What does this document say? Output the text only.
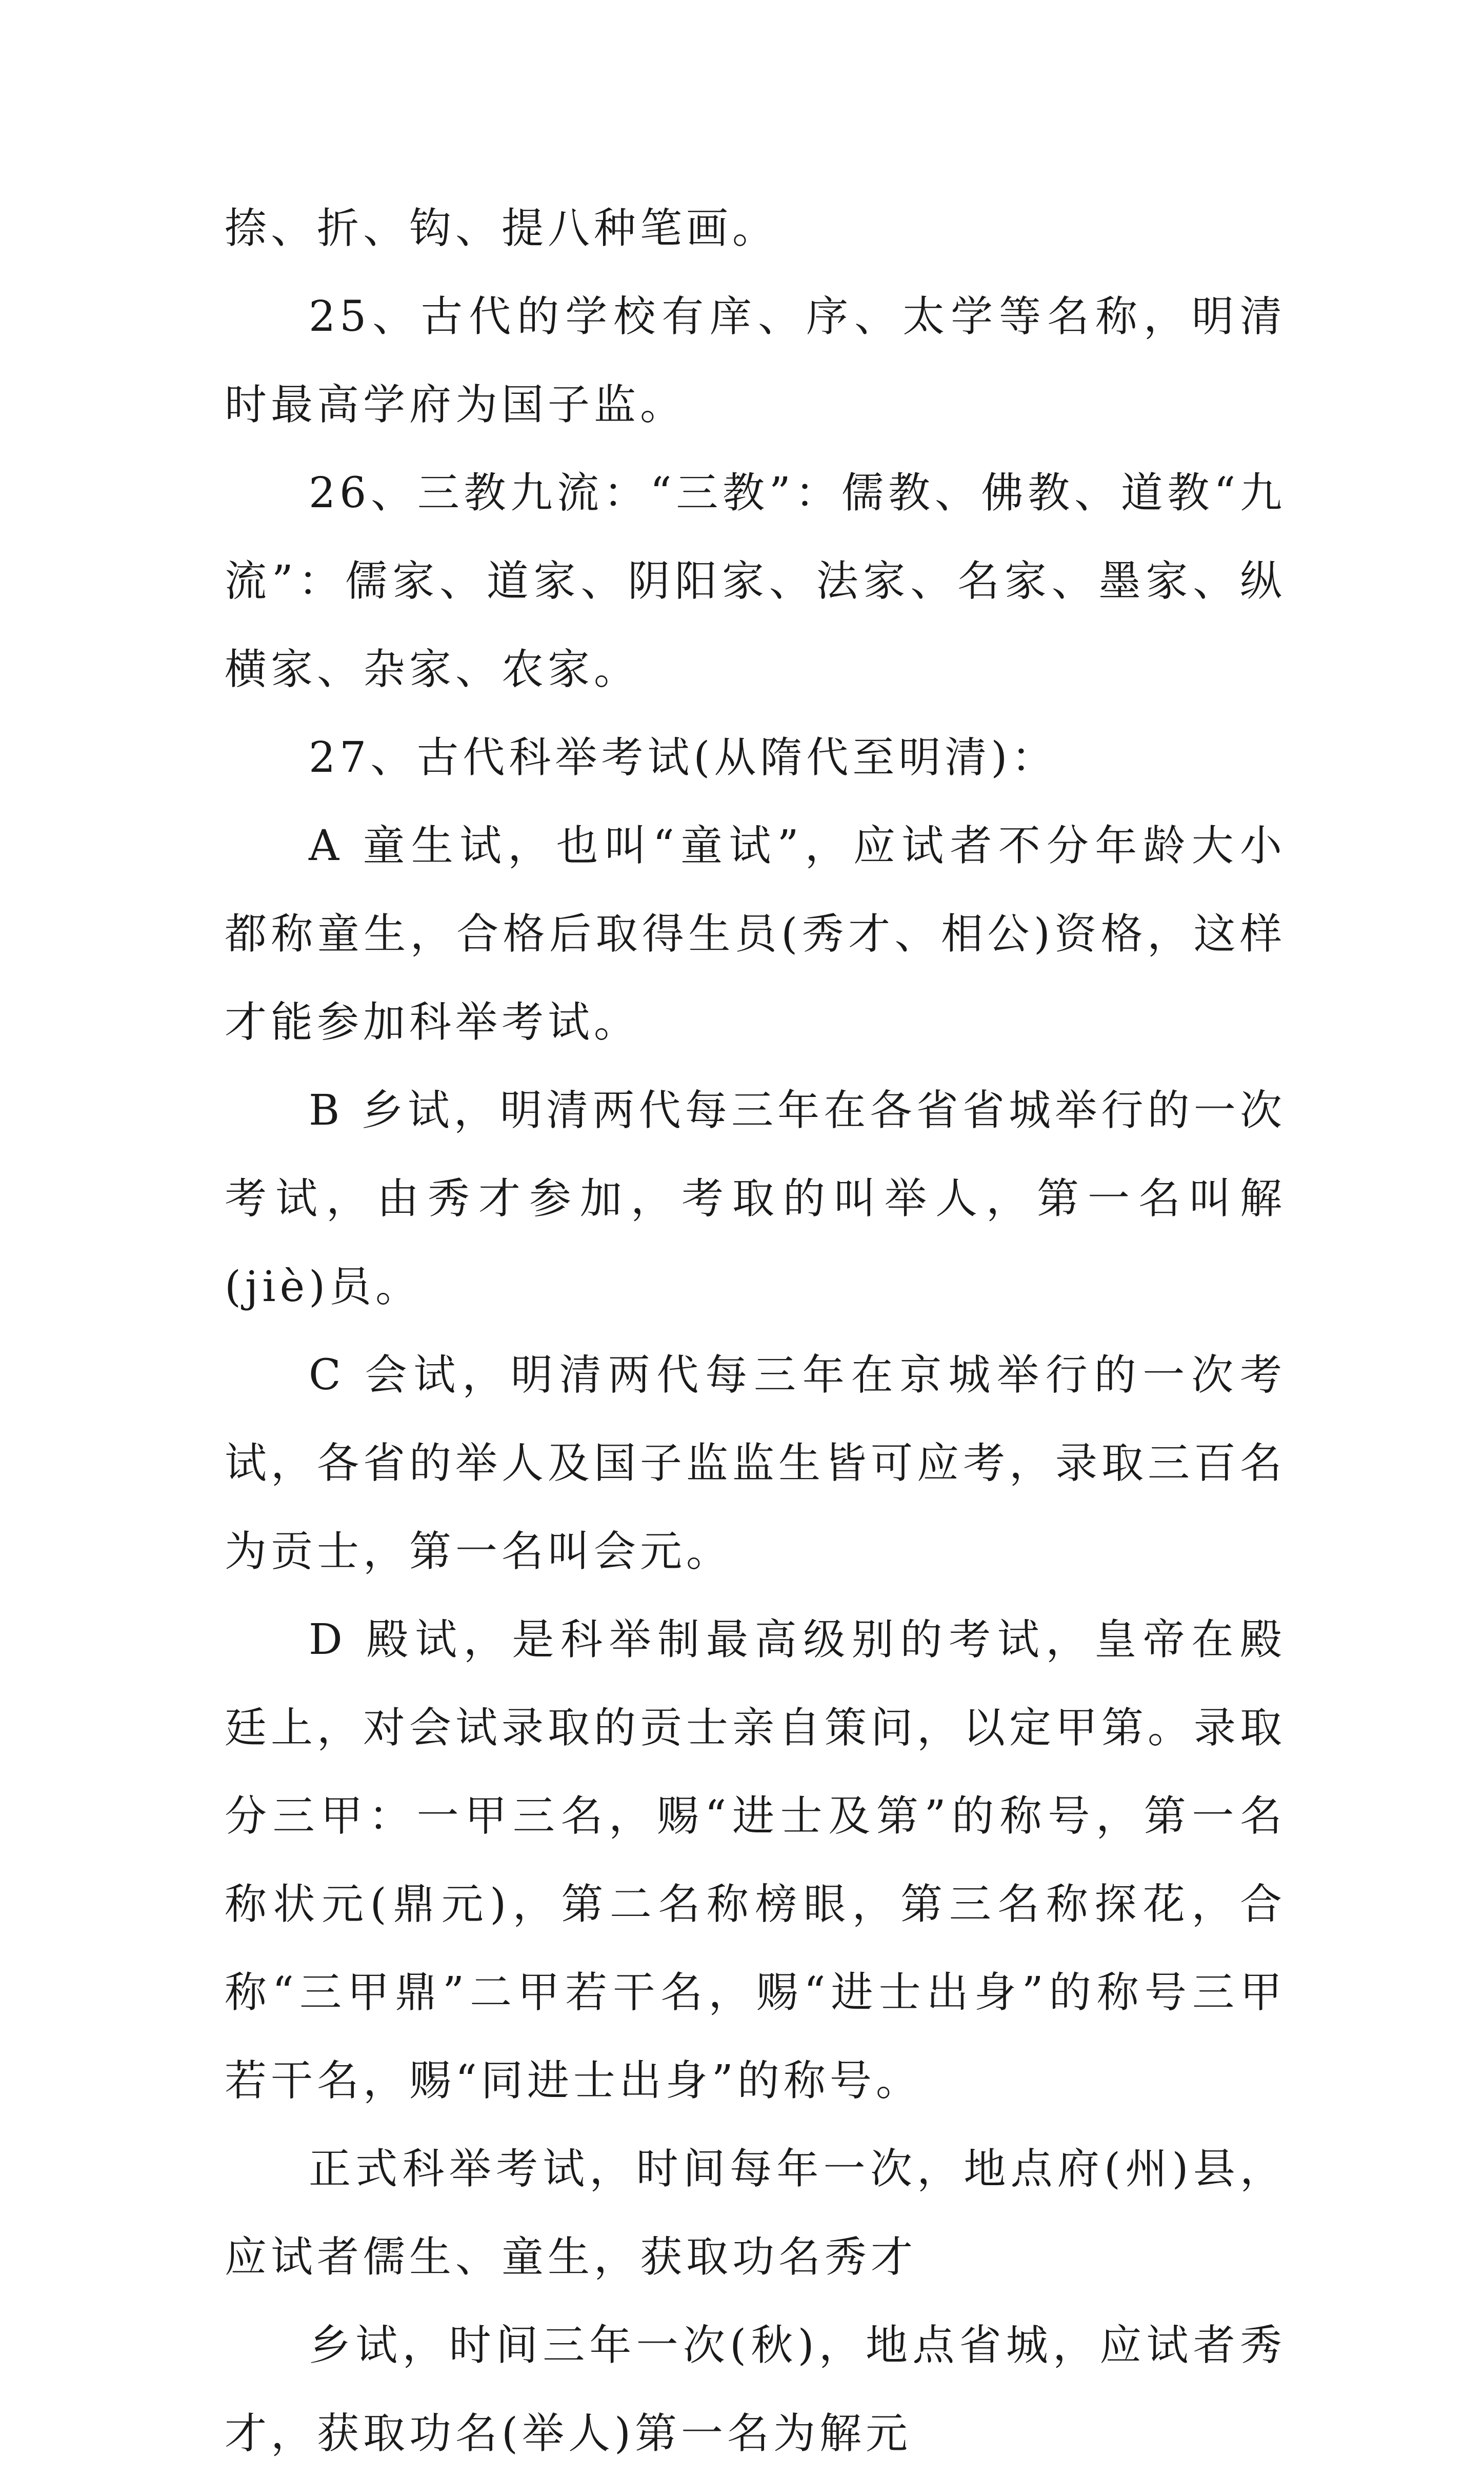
捺、折、钩、提八种笔画。

25、古代的学校有庠、序、太学等名称，明清时最高学府为国子监。

26、三教九流：“三教”：儒教、佛教、道教“九流”：儒家、道家、阴阳家、法家、名家、墨家、纵横家、杂家、农家。

27、古代科举考试(从隋代至明清)：

A 童生试，也叫“童试”，应试者不分年龄大小都称童生，合格后取得生员(秀才、相公)资格，这样才能参加科举考试。

B 乡试，明清两代每三年在各省省城举行的一次考试，由秀才参加，考取的叫举人，第一名叫解(jiè)员。

C 会试，明清两代每三年在京城举行的一次考试，各省的举人及国子监监生皆可应考，录取三百名为贡士，第一名叫会元。

D 殿试，是科举制最高级别的考试，皇帝在殿廷上，对会试录取的贡士亲自策问，以定甲第。录取分三甲：一甲三名，赐“进士及第”的称号，第一名称状元(鼎元)，第二名称榜眼，第三名称探花，合称“三甲鼎”二甲若干名，赐“进士出身”的称号三甲若干名，赐“同进士出身”的称号。

正式科举考试，时间每年一次，地点府(州)县，应试者儒生、童生，获取功名秀才

乡试，时间三年一次(秋)，地点省城，应试者秀才，获取功名(举人)第一名为解元
